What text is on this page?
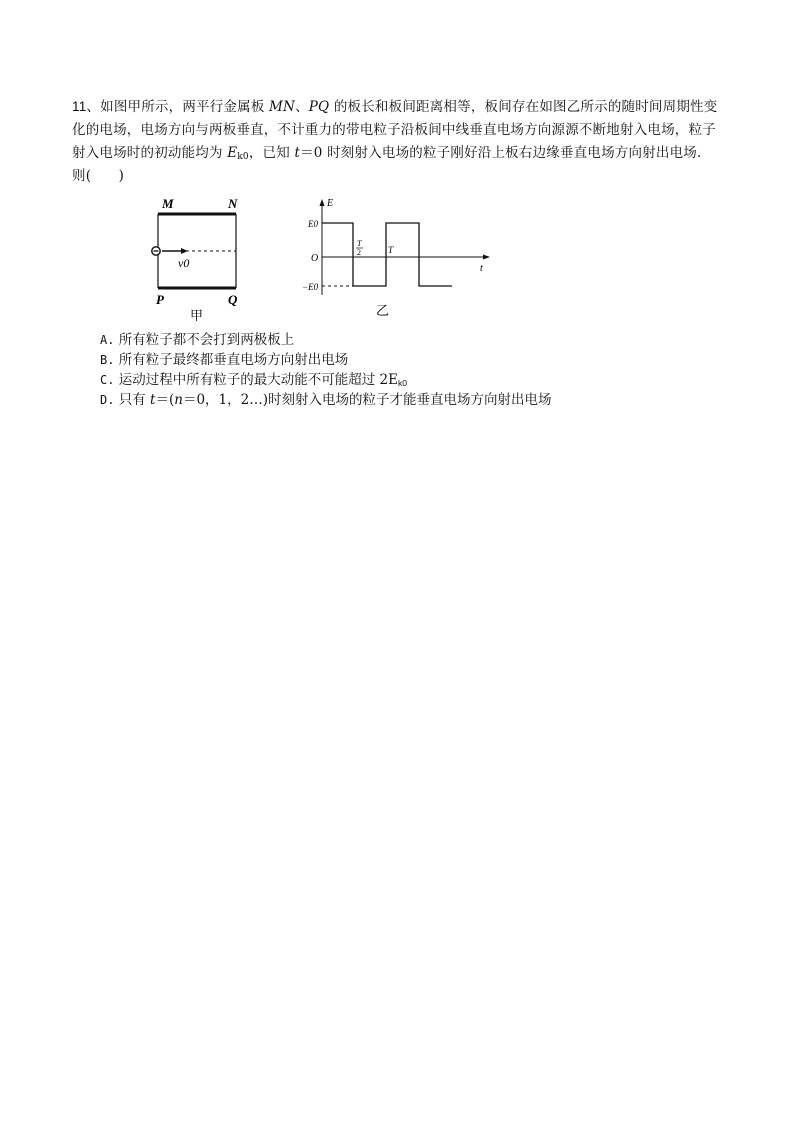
11、如图甲所示，两平行金属板 MN、PQ 的板长和板间距离相等，板间存在如图乙所示的随时间周期性变化的电场，电场方向与两板垂直，不计重力的带电粒子沿板间中线垂直电场方向源源不断地射入电场，粒子射入电场时的初动能均为 $E_{k0}$，已知 t＝0 时刻射入电场的粒子刚好沿上板右边缘垂直电场方向射出电场．则(　　)
M	N
P	Q
v0
甲
E
t
O
E0
−E0
T
2	T
乙
A. 所有粒子都不会打到两极板上
B. 所有粒子最终都垂直电场方向射出电场
C. 运动过程中所有粒子的最大动能不可能超过 $2E_{k0}$
D. 只有 t＝(n＝0，1，2…)时刻射入电场的粒子才能垂直电场方向射出电场
